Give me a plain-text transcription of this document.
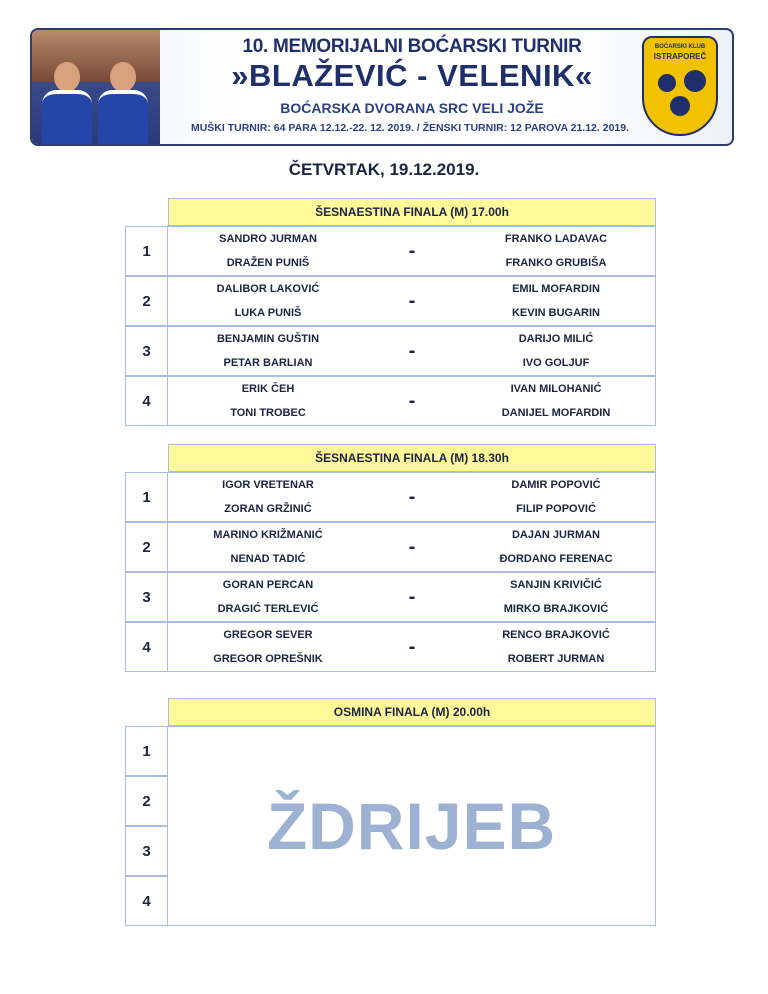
10. MEMORIJALNI BOĆARSKI TURNIR
»BLAŽEVIĆ - VELENIK«
BOĆARSKA DVORANA SRC VELI JOŽE
MUŠKI TURNIR: 64 PARA 12.12.-22. 12. 2019. / ŽENSKI TURNIR: 12 PAROVA 21.12. 2019.
BOĆARSKI KLUB
ISTRAPOREČ
ČETVRTAK, 19.12.2019.
ŠESNAESTINA FINALA (M) 17.00h
1
SANDRO JURMAN
DRAŽEN PUNIŠ
-
FRANKO LADAVAC
FRANKO GRUBIŠA
2
DALIBOR LAKOVIĆ
LUKA PUNIŠ
-
EMIL MOFARDIN
KEVIN BUGARIN
3
BENJAMIN GUŠTIN
PETAR BARLIAN
-
DARIJO MILIĆ
IVO GOLJUF
4
ERIK ČEH
TONI TROBEC
-
IVAN MILOHANIĆ
DANIJEL MOFARDIN
ŠESNAESTINA FINALA (M) 18.30h
1
IGOR VRETENAR
ZORAN GRŽINIĆ
-
DAMIR POPOVIĆ
FILIP POPOVIĆ
2
MARINO KRIŽMANIĆ
NENAD TADIĆ
-
DAJAN JURMAN
ĐORDANO FERENAC
3
GORAN PERCAN
DRAGIĆ TERLEVIĆ
-
SANJIN KRIVIČIĆ
MIRKO BRAJKOVIĆ
4
GREGOR SEVER
GREGOR OPREŠNIK
-
RENCO BRAJKOVIĆ
ROBERT JURMAN
OSMINA FINALA (M) 20.00h
1
2
3
4
ŽDRIJEB
